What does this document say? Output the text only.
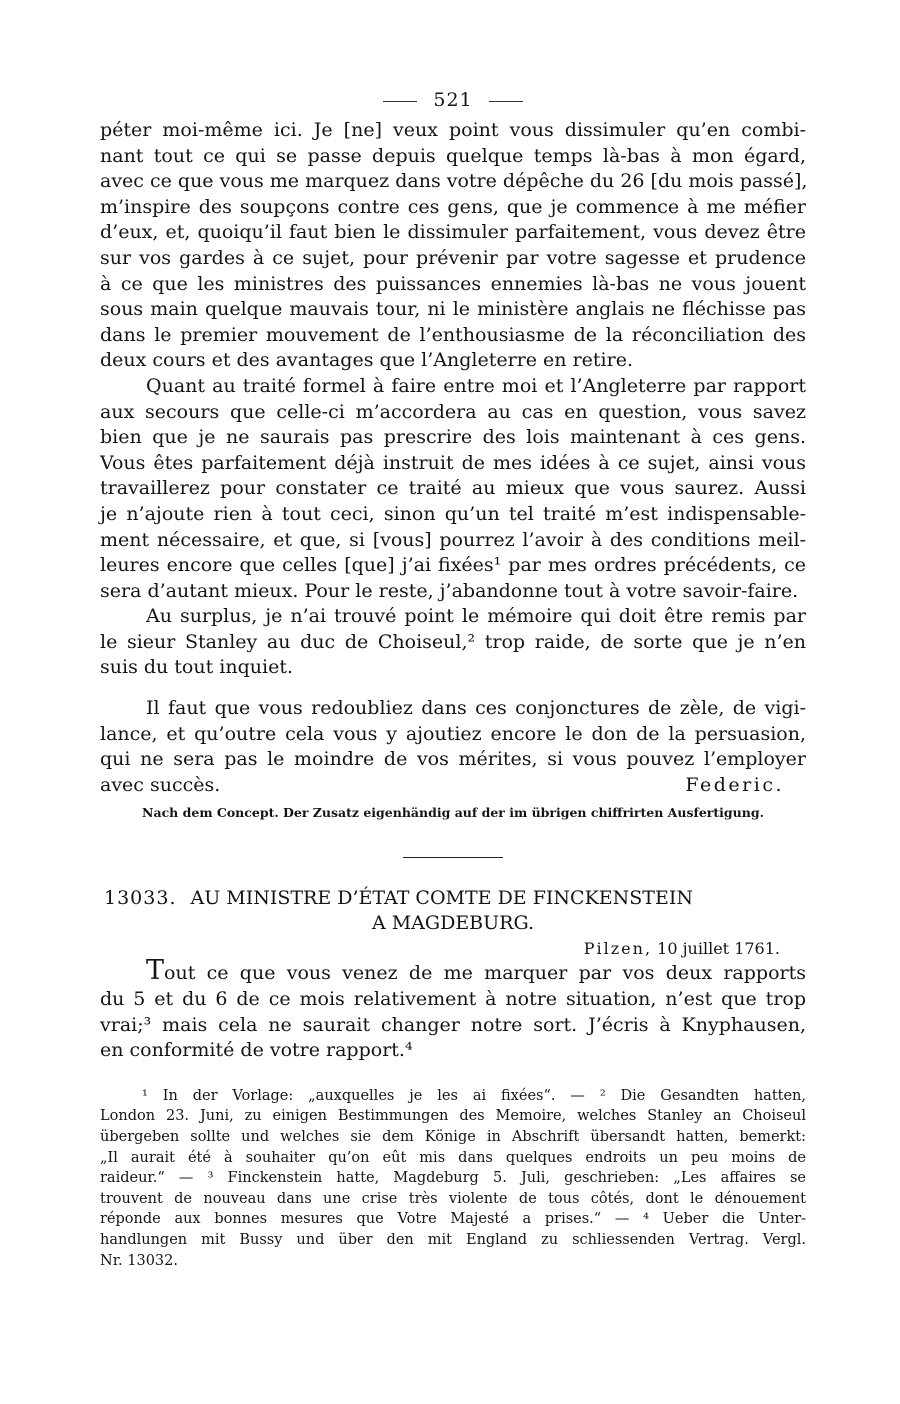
521
péter moi-même ici. Je [ne] veux point vous dissimuler qu’en combi-
nant tout ce qui se passe depuis quelque temps là-bas à mon égard,
avec ce que vous me marquez dans votre dépêche du 26 [du mois passé],
m’inspire des soupçons contre ces gens, que je commence à me méfier
d’eux, et, quoiqu’il faut bien le dissimuler parfaitement, vous devez être
sur vos gardes à ce sujet, pour prévenir par votre sagesse et prudence
à ce que les ministres des puissances ennemies là-bas ne vous jouent
sous main quelque mauvais tour, ni le ministère anglais ne fléchisse pas
dans le premier mouvement de l’enthousiasme de la réconciliation des
deux cours et des avantages que l’Angleterre en retire.
Quant au traité formel à faire entre moi et l’Angleterre par rapport
aux secours que celle-ci m’accordera au cas en question, vous savez
bien que je ne saurais pas prescrire des lois maintenant à ces gens.
Vous êtes parfaitement déjà instruit de mes idées à ce sujet, ainsi vous
travaillerez pour constater ce traité au mieux que vous saurez. Aussi
je n’ajoute rien à tout ceci, sinon qu’un tel traité m’est indispensable-
ment nécessaire, et que, si [vous] pourrez l’avoir à des conditions meil-
leures encore que celles [que] j’ai fixées¹ par mes ordres précédents, ce
sera d’autant mieux. Pour le reste, j’abandonne tout à votre savoir-faire.
Au surplus, je n’ai trouvé point le mémoire qui doit être remis par
le sieur Stanley au duc de Choiseul,² trop raide, de sorte que je n’en
suis du tout inquiet.
Il faut que vous redoubliez dans ces conjonctures de zèle, de vigi-
lance, et qu’outre cela vous y ajoutiez encore le don de la persuasion,
qui ne sera pas le moindre de vos mérites, si vous pouvez l’employer
avec succès.	Federic.
Nach dem Concept. Der Zusatz eigenhändig auf der im übrigen chiffrirten Ausfertigung.
13033. AU MINISTRE D’ÉTAT COMTE DE FINCKENSTEIN
A MAGDEBURG.
Pilzen, 10 juillet 1761.
Tout ce que vous venez de me marquer par vos deux rapports
du 5 et du 6 de ce mois relativement à notre situation, n’est que trop
vrai;³ mais cela ne saurait changer notre sort. J’écris à Knyphausen,
en conformité de votre rapport.⁴
¹ In der Vorlage: „auxquelles je les ai fixées“. — ² Die Gesandten hatten,
London 23. Juni, zu einigen Bestimmungen des Memoire, welches Stanley an Choiseul
übergeben sollte und welches sie dem Könige in Abschrift übersandt hatten, bemerkt:
„Il aurait été à souhaiter qu’on eût mis dans quelques endroits un peu moins de
raideur.“ — ³ Finckenstein hatte, Magdeburg 5. Juli, geschrieben: „Les affaires se
trouvent de nouveau dans une crise très violente de tous côtés, dont le dénouement
réponde aux bonnes mesures que Votre Majesté a prises.“ — ⁴ Ueber die Unter-
handlungen mit Bussy und über den mit England zu schliessenden Vertrag. Vergl.
Nr. 13032.
